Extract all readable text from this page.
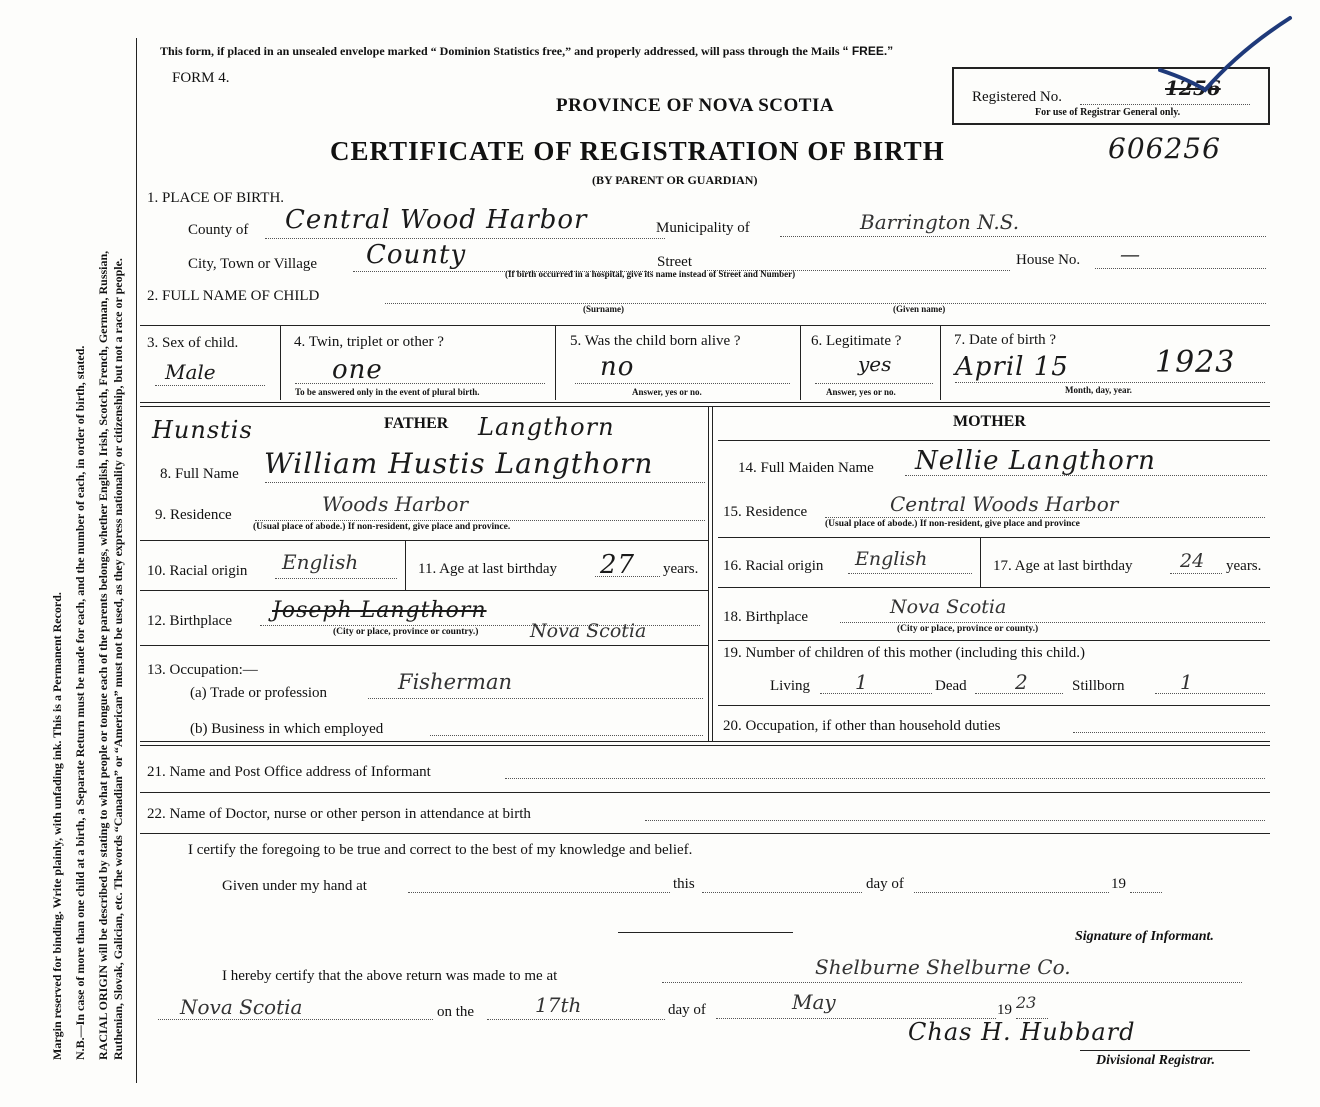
Margin reserved for binding. Write plainly, with unfading ink. This is a Permanent Record. N.B.—In case of more than one child at a birth, a Separate Return must be made for each, and the number of each, in order of birth, stated. RACIAL ORIGIN will be described by stating to what people or tongue each of the parents belongs, whether English, Irish, Scotch, French, German, Russian, Ruthenian, Slovak, Galician, etc. The words “Canadian” or “American” must not be used, as they express nationality or citizenship, but not a race or people.
This form, if placed in an unsealed envelope marked “ Dominion Statistics free,” and properly addressed, will pass through the Mails “ FREE.”
FORM 4.
PROVINCE OF NOVA SCOTIA
CERTIFICATE OF REGISTRATION OF BIRTH	606256
(BY PARENT OR GUARDIAN)
Registered No.	1256
For use of Registrar General only.
1. PLACE OF BIRTH.
County of Central Wood Harbor	Municipality of	Barrington N.S.
City, Town or Village County	Street	House No. —
(If birth occurred in a hospital, give its name instead of Street and Number)
2. FULL NAME OF CHILD
(Surname)	(Given name)
3. Sex of child.
Male
4. Twin, triplet or other ?
one
To be answered only in the event of plural birth.
5. Was the child born alive ?
no
Answer, yes or no.
6. Legitimate ?
yes
Answer, yes or no.
7. Date of birth ?
April 15	1923
Month, day, year.
Hunstis	FATHER Langthorn
8. Full Name William Hustis Langthorn
9. Residence	Woods Harbor
(Usual place of abode.) If non-resident, give place and province.
10. Racial origin English	11. Age at last birthday 27 years.
12. Birthplace Joseph Langthorn
Nova Scotia
(City or place, province or country.)
13. Occupation:—
(a) Trade or profession	Fisherman
(b) Business in which employed
MOTHER
14. Full Maiden Name Nellie Langthorn
15. Residence	Central Woods Harbor
(Usual place of abode.) If non-resident, give place and province
16. Racial origin English	17. Age at last birthday 24 years.
18. Birthplace	Nova Scotia
(City or place, province or county.)
19. Number of children of this mother (including this child.)
Living 1	Dead 2	Stillborn	1
20. Occupation, if other than household duties
21. Name and Post Office address of Informant
22. Name of Doctor, nurse or other person in attendance at birth
I certify the foregoing to be true and correct to the best of my knowledge and belief.
Given under my hand at	this	day of	19
Signature of Informant.
I hereby certify that the above return was made to me at	Shelburne Shelburne Co.
Nova Scotia	on the	17th	day of	May	19 23
Chas H. Hubbard
Divisional Registrar.
